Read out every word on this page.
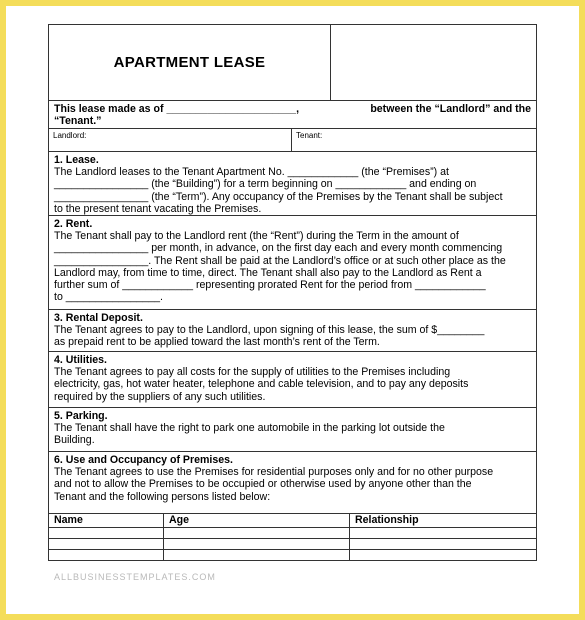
APARTMENT LEASE
This lease made as of ______________________,	between the “Landlord” and the
“Tenant.”
Landlord:	Tenant:
1. Lease.

The Landlord leases to the Tenant Apartment No. ____________ (the “Premises”) at

________________ (the “Building”) for a term beginning on ____________ and ending on

________________ (the “Term”). Any occupancy of the Premises by the Tenant shall be subject

to the present tenant vacating the Premises.

2. Rent.

The Tenant shall pay to the Landlord rent (the “Rent”) during the Term in the amount of

________________ per month, in advance, on the first day each and every month commencing

________________. The Rent shall be paid at the Landlord’s office or at such other place as the

Landlord may, from time to time, direct. The Tenant shall also pay to the Landlord as Rent a

further sum of ____________ representing prorated Rent for the period from ____________

to ________________.

3. Rental Deposit.

The Tenant agrees to pay to the Landlord, upon signing of this lease, the sum of $________

as prepaid rent to be applied toward the last month’s rent of the Term.

4. Utilities.

The Tenant agrees to pay all costs for the supply of utilities to the Premises including

electricity, gas, hot water heater, telephone and cable television, and to pay any deposits

required by the suppliers of any such utilities.

5. Parking.

The Tenant shall have the right to park one automobile in the parking lot outside the

Building.

6. Use and Occupancy of Premises.

The Tenant agrees to use the Premises for residential purposes only and for no other purpose

and not to allow the Premises to be occupied or otherwise used by anyone other than the

Tenant and the following persons listed below:

Name	Age	Relationship
ALLBUSINESSTEMPLATES.COM
